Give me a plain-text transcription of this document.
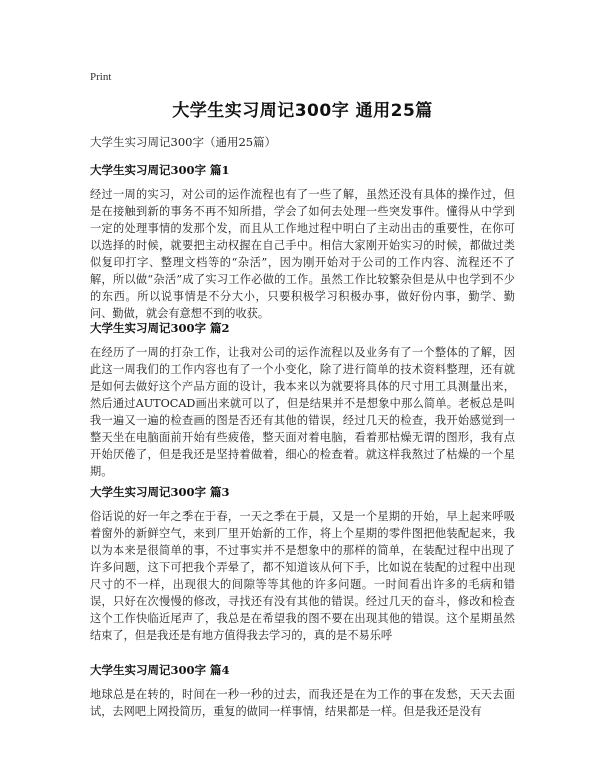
Print
大学生实习周记300字 通用25篇
大学生实习周记300字（通用25篇）
大学生实习周记300字 篇1

经过一周的实习，对公司的运作流程也有了一些了解，虽然还没有具体的操作过，但是在接触到新的事务不再不知所措，学会了如何去处理一些突发事件。懂得从中学到一定的处理事情的发那个发，而且从工作地过程中明白了主动出击的重要性，在你可以选择的时候，就要把主动权握在自己手中。相信大家刚开始实习的时候，都做过类似复印打字、整理文档等的“杂活”，因为刚开始对于公司的工作内容、流程还不了解，所以做“杂活”成了实习工作必做的工作。虽然工作比较繁杂但是从中也学到不少的东西。所以说事情是不分大小，只要积极学习积极办事，做好份内事，勤学、勤问、勤做，就会有意想不到的收获。

大学生实习周记300字 篇2

在经历了一周的打杂工作，让我对公司的运作流程以及业务有了一个整体的了解，因此这一周我们的工作内容也有了一个小变化，除了进行简单的技术资料整理，还有就是如何去做好这个产品方面的设计，我本来以为就要将具体的尺寸用工具测量出来，然后通过AUTOCAD画出来就可以了，但是结果并不是想象中那么简单。老板总是叫我一遍又一遍的检查画的图是否还有其他的错误，经过几天的检查，我开始感觉到一整天坐在电脑面前开始有些疲倦，整天面对着电脑，看着那枯燥无谓的图形，我有点开始厌倦了，但是我还是坚持着做着，细心的检查着。就这样我熬过了枯燥的一个星期。

大学生实习周记300字 篇3

俗话说的好一年之季在于春，一天之季在于晨，又是一个星期的开始，早上起来呼吸着窗外的新鲜空气，来到厂里开始新的工作，将上个星期的零件图把他装配起来，我以为本来是很简单的事，不过事实并不是想象中的那样的简单，在装配过程中出现了许多问题，这下可把我个弄晕了，都不知道该从何下手，比如说在装配的过程中出现尺寸的不一样，出现很大的间隙等等其他的许多问题。一时间看出许多的毛病和错误，只好在次慢慢的修改，寻找还有没有其他的错误。经过几天的奋斗，修改和检查这个工作快临近尾声了，我总是在希望我的图不要在出现其他的错误。这个星期虽然结束了，但是我还是有地方值得我去学习的，真的是不易乐呼

大学生实习周记300字 篇4

地球总是在转的，时间在一秒一秒的过去，而我还是在为工作的事在发愁，天天去面试，去网吧上网投简历，重复的做同一样事情，结果都是一样。但是我还是没有
